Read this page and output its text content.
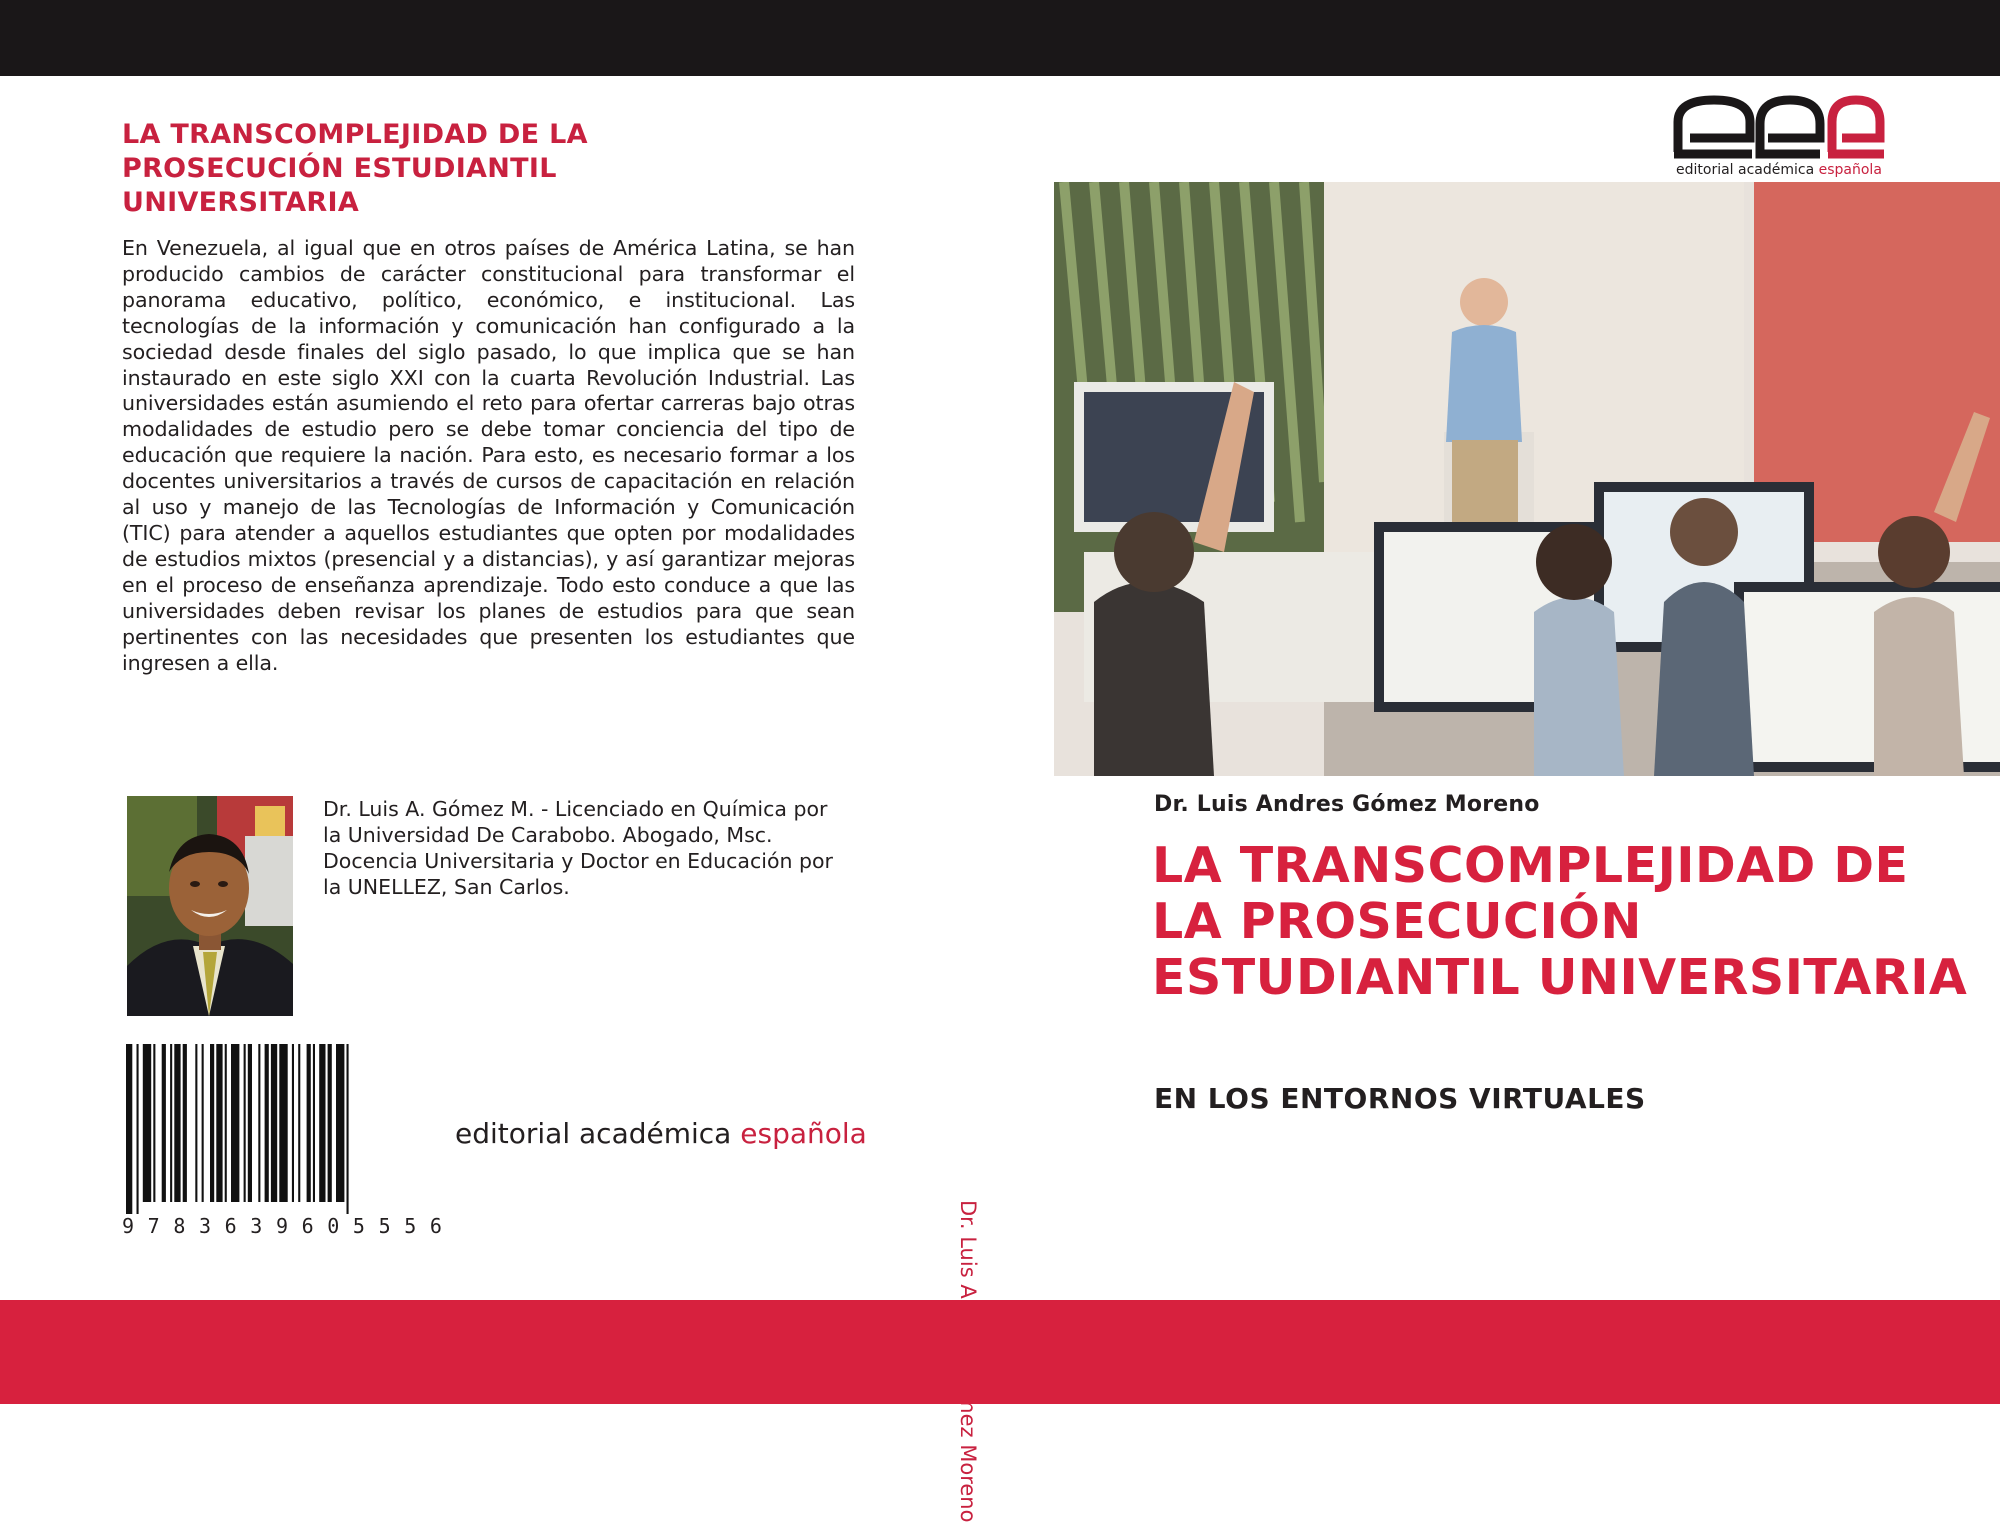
LA TRANSCOMPLEJIDAD DE LA PROSECUCIÓN ESTUDIANTIL UNIVERSITARIA

En Venezuela, al igual que en otros países de América Latina, se han producido cambios de carácter constitucional para transformar el panorama educativo, político, económico, e institucional. Las tecnologías de la información y comunicación han configurado a la sociedad desde finales del siglo pasado, lo que implica que se han instaurado en este siglo XXI con la cuarta Revolución Industrial. Las universidades están asumiendo el reto para ofertar carreras bajo otras modalidades de estudio pero se debe tomar conciencia del tipo de educación que requiere la nación. Para esto, es necesario formar a los docentes universitarios a través de cursos de capacitación en relación al uso y manejo de las Tecnologías de Información y Comunicación (TIC) para atender a aquellos estudiantes que opten por modalidades de estudios mixtos (presencial y a distancias), y así garantizar mejoras en el proceso de enseñanza aprendizaje. Todo esto conduce a que las universidades deben revisar los planes de estudios para que sean pertinentes con las necesidades que presenten los estudiantes que ingresen a ella.

Dr. Luis A. Gómez M. - Licenciado en Química por la Universidad De Carabobo. Abogado, Msc. Docencia Universitaria y Doctor en Educación por la UNELLEZ, San Carlos.

9 7 8 3 6 3 9 6 0 5 5 5 6
editorial académica española
editorial académica española
Dr. Luis Andres Gómez Moreno
LA TRANSCOMPLEJIDAD DE LA PROSECUCIÓN ESTUDIANTIL UNIVERSITARIA
EN LOS ENTORNOS VIRTUALES
